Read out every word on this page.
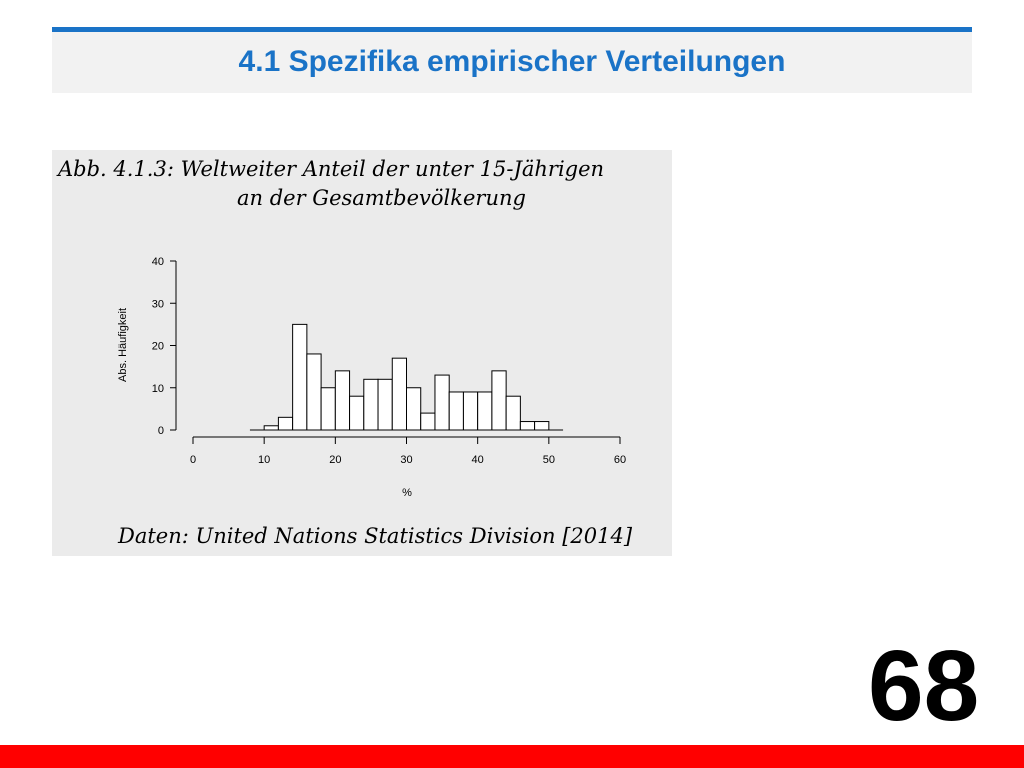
4.1 Spezifika empirischer Verteilungen
Abb. 4.1.3: Weltweiter Anteil der unter 15-Jährigen
an der Gesamtbevölkerung
0
10
20
30
40
0	10	20	30	40	50	60
Abs. Häufigkeit
%
Daten: United Nations Statistics Division [2014]
68
